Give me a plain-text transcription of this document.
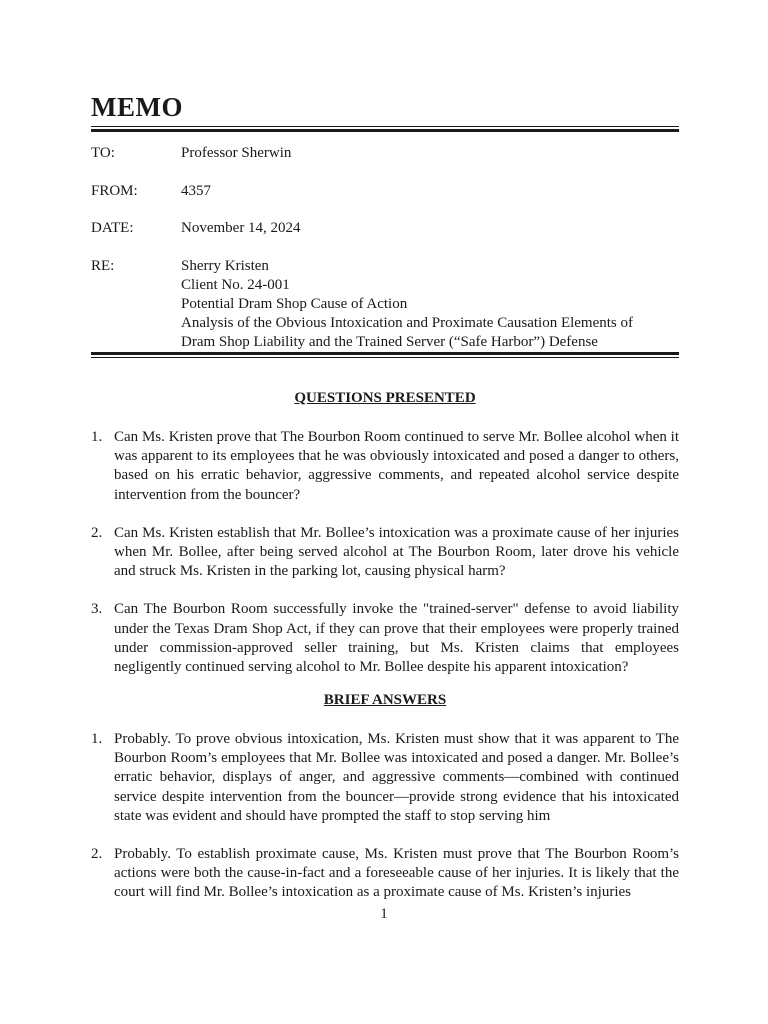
MEMO
TO:	Professor Sherwin
FROM:	4357
DATE:	November 14, 2024
RE:	Sherry Kristen
Client No. 24-001
Potential Dram Shop Cause of Action
Analysis of the Obvious Intoxication and Proximate Causation Elements of
Dram Shop Liability and the Trained Server (“Safe Harbor”) Defense
QUESTIONS PRESENTED
1. Can Ms. Kristen prove that The Bourbon Room continued to serve Mr. Bollee alcohol when it was apparent to its employees that he was obviously intoxicated and posed a danger to others, based on his erratic behavior, aggressive comments, and repeated alcohol service despite intervention from the bouncer?
2. Can Ms. Kristen establish that Mr. Bollee’s intoxication was a proximate cause of her injuries when Mr. Bollee, after being served alcohol at The Bourbon Room, later drove his vehicle and struck Ms. Kristen in the parking lot, causing physical harm?
3. Can The Bourbon Room successfully invoke the "trained-server" defense to avoid liability under the Texas Dram Shop Act, if they can prove that their employees were properly trained under commission-approved seller training, but Ms. Kristen claims that employees negligently continued serving alcohol to Mr. Bollee despite his apparent intoxication?
BRIEF ANSWERS
1. Probably. To prove obvious intoxication, Ms. Kristen must show that it was apparent to The Bourbon Room’s employees that Mr. Bollee was intoxicated and posed a danger. Mr. Bollee’s erratic behavior, displays of anger, and aggressive comments—combined with continued service despite intervention from the bouncer—provide strong evidence that his intoxicated state was evident and should have prompted the staff to stop serving him
2. Probably. To establish proximate cause, Ms. Kristen must prove that The Bourbon Room’s actions were both the cause-in-fact and a foreseeable cause of her injuries. It is likely that the court will find Mr. Bollee’s intoxication as a proximate cause of Ms. Kristen’s injuries
1
